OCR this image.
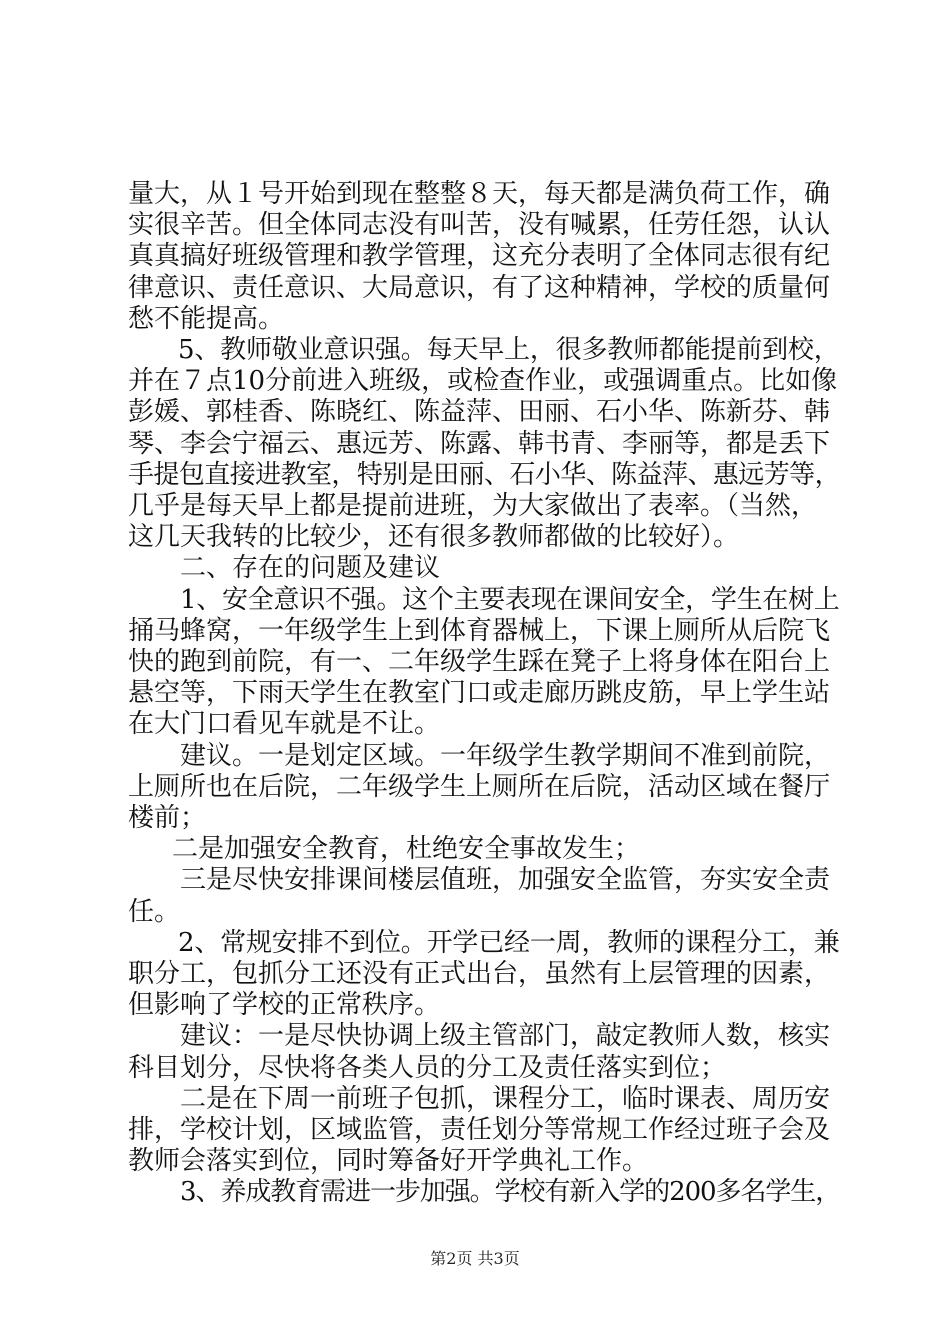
量大，从１号开始到现在整整８天，每天都是满负荷工作，确
实很辛苦。但全体同志没有叫苦，没有喊累，任劳任怨，认认
真真搞好班级管理和教学管理，这充分表明了全体同志很有纪
律意识、责任意识、大局意识，有了这种精神，学校的质量何
愁不能提高。
5、教师敬业意识强。每天早上，很多教师都能提前到校，
并在７点10分前进入班级，或检查作业，或强调重点。比如像
彭媛、郭桂香、陈晓红、陈益萍、田丽、石小华、陈新芬、韩
琴、李会宁福云、惠远芳、陈露、韩书青、李丽等，都是丢下
手提包直接进教室，特别是田丽、石小华、陈益萍、惠远芳等，
几乎是每天早上都是提前进班，为大家做出了表率。（当然，
这几天我转的比较少，还有很多教师都做的比较好）。
二、存在的问题及建议
1、安全意识不强。这个主要表现在课间安全，学生在树上
捅马蜂窝，一年级学生上到体育器械上，下课上厕所从后院飞
快的跑到前院，有一、二年级学生踩在凳子上将身体在阳台上
悬空等，下雨天学生在教室门口或走廊历跳皮筋，早上学生站
在大门口看见车就是不让。
建议。一是划定区域。一年级学生教学期间不准到前院，
上厕所也在后院，二年级学生上厕所在后院，活动区域在餐厅
楼前；
二是加强安全教育，杜绝安全事故发生；
三是尽快安排课间楼层值班，加强安全监管，夯实安全责
任。
2、常规安排不到位。开学已经一周，教师的课程分工，兼
职分工，包抓分工还没有正式出台，虽然有上层管理的因素，
但影响了学校的正常秩序。
建议：一是尽快协调上级主管部门，敲定教师人数，核实
科目划分，尽快将各类人员的分工及责任落实到位；
二是在下周一前班子包抓，课程分工，临时课表、周历安
排，学校计划，区域监管，责任划分等常规工作经过班子会及
教师会落实到位，同时筹备好开学典礼工作。
3、养成教育需进一步加强。学校有新入学的200多名学生，
第2页 共3页
